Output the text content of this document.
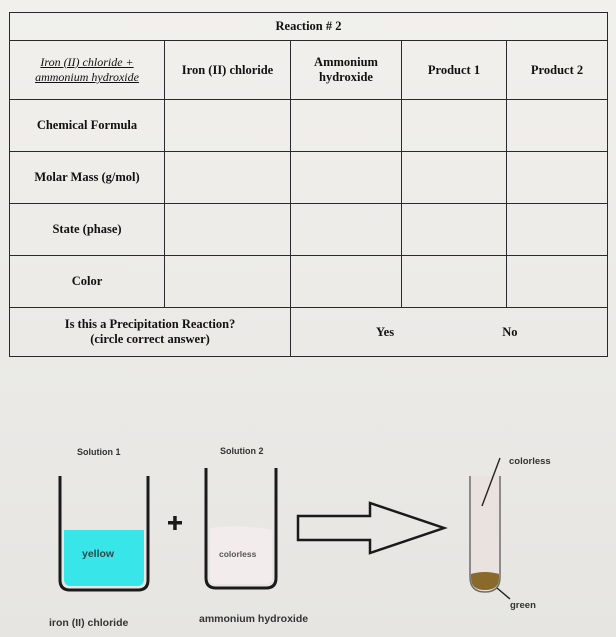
Reaction # 2				
Iron (II) chloride + ammonium hydroxide	Iron (II) chloride	Ammonium hydroxide	Product 1	Product 2
Chemical Formula				
Molar Mass (g/mol)				
State (phase)				
Color				
Is this a Precipitation Reaction?
(circle correct answer)		Yes No		
Solution 1	Solution 2
yellow	colorless
iron (II) chloride	ammonium hydroxide
colorless
green
